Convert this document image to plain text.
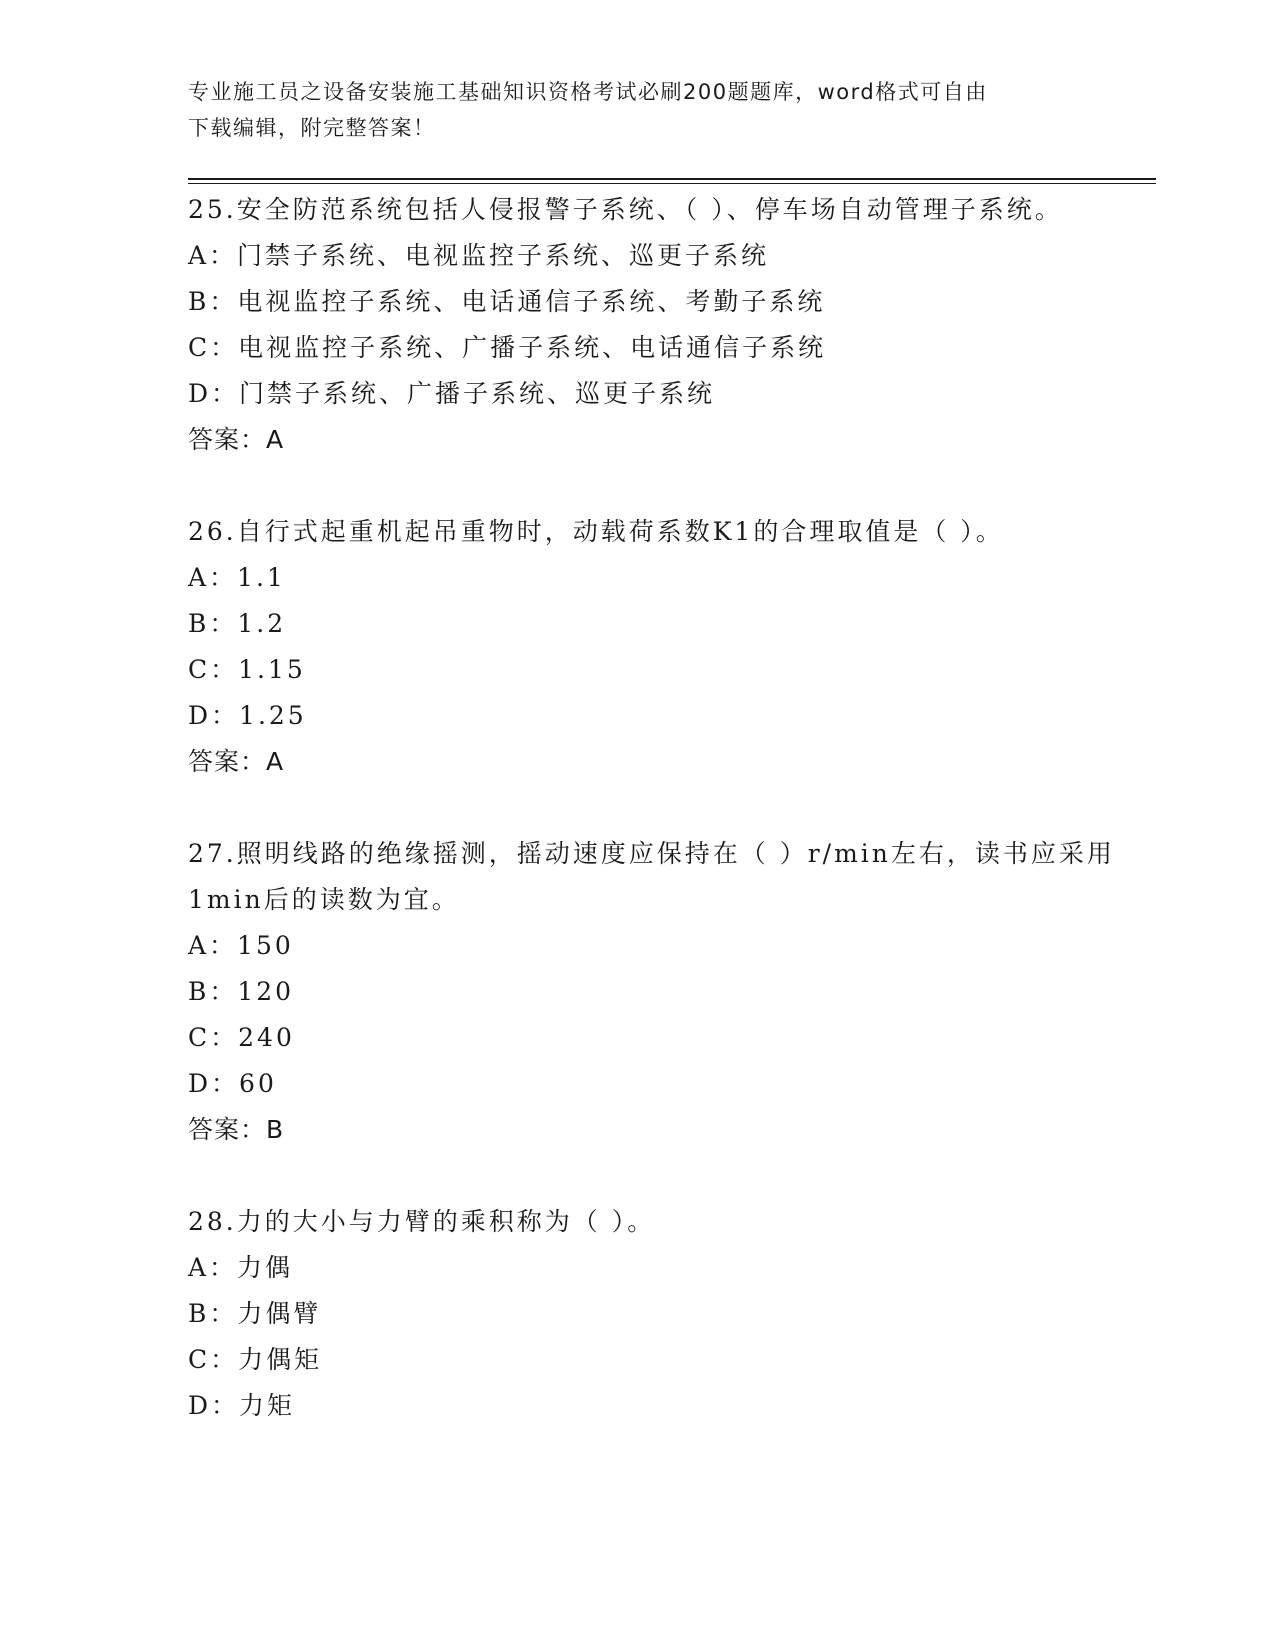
专业施工员之设备安装施工基础知识资格考试必刷200题题库，word格式可自由
下载编辑，附完整答案！
25.安全防范系统包括人侵报警子系统、（ ）、停车场自动管理子系统。
A：门禁子系统、电视监控子系统、巡更子系统
B：电视监控子系统、电话通信子系统、考勤子系统
C：电视监控子系统、广播子系统、电话通信子系统
D：门禁子系统、广播子系统、巡更子系统
答案：A
26.自行式起重机起吊重物时，动载荷系数K1的合理取值是（ ）。
A：1.1
B：1.2
C：1.15
D：1.25
答案：A
27.照明线路的绝缘摇测，摇动速度应保持在（ ）r/min左右，读书应采用1min后的读数为宜。
A：150
B：120
C：240
D：60
答案：B
28.力的大小与力臂的乘积称为（ ）。
A：力偶
B：力偶臂
C：力偶矩
D：力矩
